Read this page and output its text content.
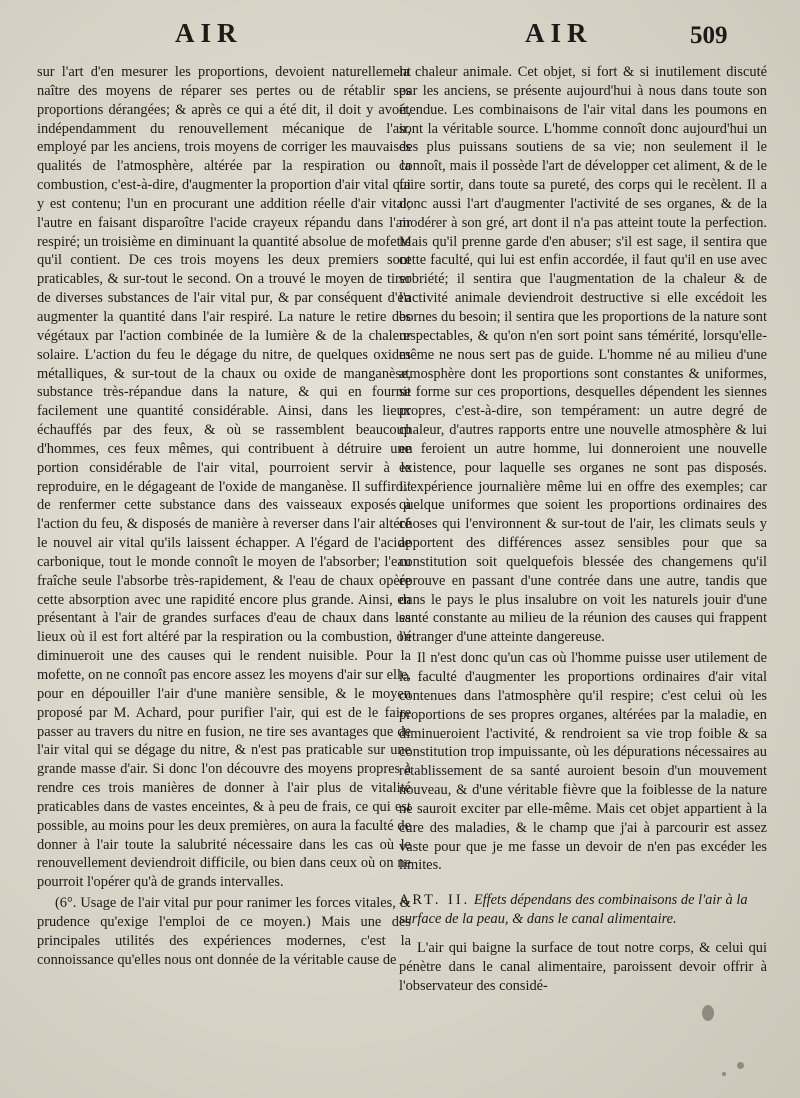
AIR	AIR	509

sur l'art d'en mesurer les proportions, devoient naturellement naître des moyens de réparer ses pertes ou de rétablir ses proportions dérangées; & après ce qui a été dit, il doit y avoir, indépendamment du renouvellement mécanique de l'air, employé par les anciens, trois moyens de corriger les mauvaises qualités de l'atmosphère, altérée par la respiration ou la combustion, c'est-à-dire, d'augmenter la proportion d'air vital qui y est contenu; l'un en procurant une addition réelle d'air vital; l'autre en faisant disparoître l'acide crayeux répandu dans l'air respiré; un troisième en diminuant la quantité absolue de mofette qu'il contient. De ces trois moyens les deux premiers sont praticables, & sur-tout le second. On a trouvé le moyen de tirer de diverses substances de l'air vital pur, & par conséquent d'en augmenter la quantité dans l'air respiré. La nature le retire des végétaux par l'action combinée de la lumière & de la chaleur solaire. L'action du feu le dégage du nitre, de quelques oxides métalliques, & sur-tout de la chaux ou oxide de manganèse, substance très-répandue dans la nature, & qui en fournit facilement une quantité considérable. Ainsi, dans les lieux échauffés par des feux, & où se rassemblent beaucoup d'hommes, ces feux mêmes, qui contribuent à détruire une portion considérable de l'air vital, pourroient servir à le reproduire, en le dégageant de l'oxide de manganèse. Il suffiroit de renfermer cette substance dans des vaisseaux exposés à l'action du feu, & disposés de manière à reverser dans l'air altéré le nouvel air vital qu'ils laissent échapper. A l'égard de l'acide carbonique, tout le monde connoît le moyen de l'absorber; l'eau fraîche seule l'absorbe très-rapidement, & l'eau de chaux opère cette absorption avec une rapidité encore plus grande. Ainsi, en présentant à l'air de grandes surfaces d'eau de chaux dans les lieux où il est fort altéré par la respiration ou la combustion, on diminueroit une des causes qui le rendent nuisible. Pour la mofette, on ne connoît pas encore assez les moyens d'air sur elle, pour en dépouiller l'air d'une manière sensible, & le moyen proposé par M. Achard, pour purifier l'air, qui est de le faire passer au travers du nitre en fusion, ne tire ses avantages que de l'air vital qui se dégage du nitre, & n'est pas praticable sur une grande masse d'air. Si donc l'on découvre des moyens propres à rendre ces trois manières de donner à l'air plus de vitalité praticables dans de vastes enceintes, & à peu de frais, ce qui est possible, au moins pour les deux premières, on aura la faculté de donner à l'air toute la salubrité nécessaire dans les cas où le renouvellement deviendroit difficile, ou bien dans ceux où on ne pourroit l'opérer qu'à de grands intervalles.

(6°. Usage de l'air vital pur pour ranimer les forces vitales, & prudence qu'exige l'emploi de ce moyen.) Mais une des principales utilités des expériences modernes, c'est la connoissance qu'elles nous ont donnée de la véritable cause de

la chaleur animale. Cet objet, si fort & si inutilement discuté par les anciens, se présente aujourd'hui à nous dans toute son étendue. Les combinaisons de l'air vital dans les poumons en sont la véritable source. L'homme connoît donc aujourd'hui un des plus puissans soutiens de sa vie; non seulement il le connoît, mais il possède l'art de développer cet aliment, & de le faire sortir, dans toute sa pureté, des corps qui le recèlent. Il a donc aussi l'art d'augmenter l'activité de ses organes, & de la modérer à son gré, art dont il n'a pas atteint toute la perfection. Mais qu'il prenne garde d'en abuser; s'il est sage, il sentira que cette faculté, qui lui est enfin accordée, il faut qu'il en use avec sobriété; il sentira que l'augmentation de la chaleur & de l'activité animale deviendroit destructive si elle excédoit les bornes du besoin; il sentira que les proportions de la nature sont respectables, & qu'on n'en sort point sans témérité, lorsqu'elle-même ne nous sert pas de guide. L'homme né au milieu d'une atmosphère dont les proportions sont constantes & uniformes, se forme sur ces proportions, desquelles dépendent les siennes propres, c'est-à-dire, son tempérament: un autre degré de chaleur, d'autres rapports entre une nouvelle atmosphère & lui en feroient un autre homme, lui donneroient une nouvelle existence, pour laquelle ses organes ne sont pas disposés. L'expérience journalière même lui en offre des exemples; car quelque uniformes que soient les proportions ordinaires des choses qui l'environnent & sur-tout de l'air, les climats seuls y apportent des différences assez sensibles pour que sa constitution soit quelquefois blessée des changemens qu'il éprouve en passant d'une contrée dans une autre, tandis que dans le pays le plus insalubre on voit les naturels jouir d'une santé constante au milieu de la réunion des causes qui frappent l'étranger d'une atteinte dangereuse.

Il n'est donc qu'un cas où l'homme puisse user utilement de la faculté d'augmenter les proportions ordinaires d'air vital contenues dans l'atmosphère qu'il respire; c'est celui où les proportions de ses propres organes, altérées par la maladie, en diminueroient l'activité, & rendroient sa vie trop foible & sa constitution trop impuissante, où les dépurations nécessaires au rétablissement de sa santé auroient besoin d'un mouvement nouveau, & d'une véritable fièvre que la foiblesse de la nature ne sauroit exciter par elle-même. Mais cet objet appartient à la cure des maladies, & le champ que j'ai à parcourir est assez vaste pour que je me fasse un devoir de n'en pas excéder les limites.

ART. II. Effets dépendans des combinaisons de l'air à la surface de la peau, & dans le canal alimentaire.

L'air qui baigne la surface de tout notre corps, & celui qui pénètre dans le canal alimentaire, paroissent devoir offrir à l'observateur des considé-
